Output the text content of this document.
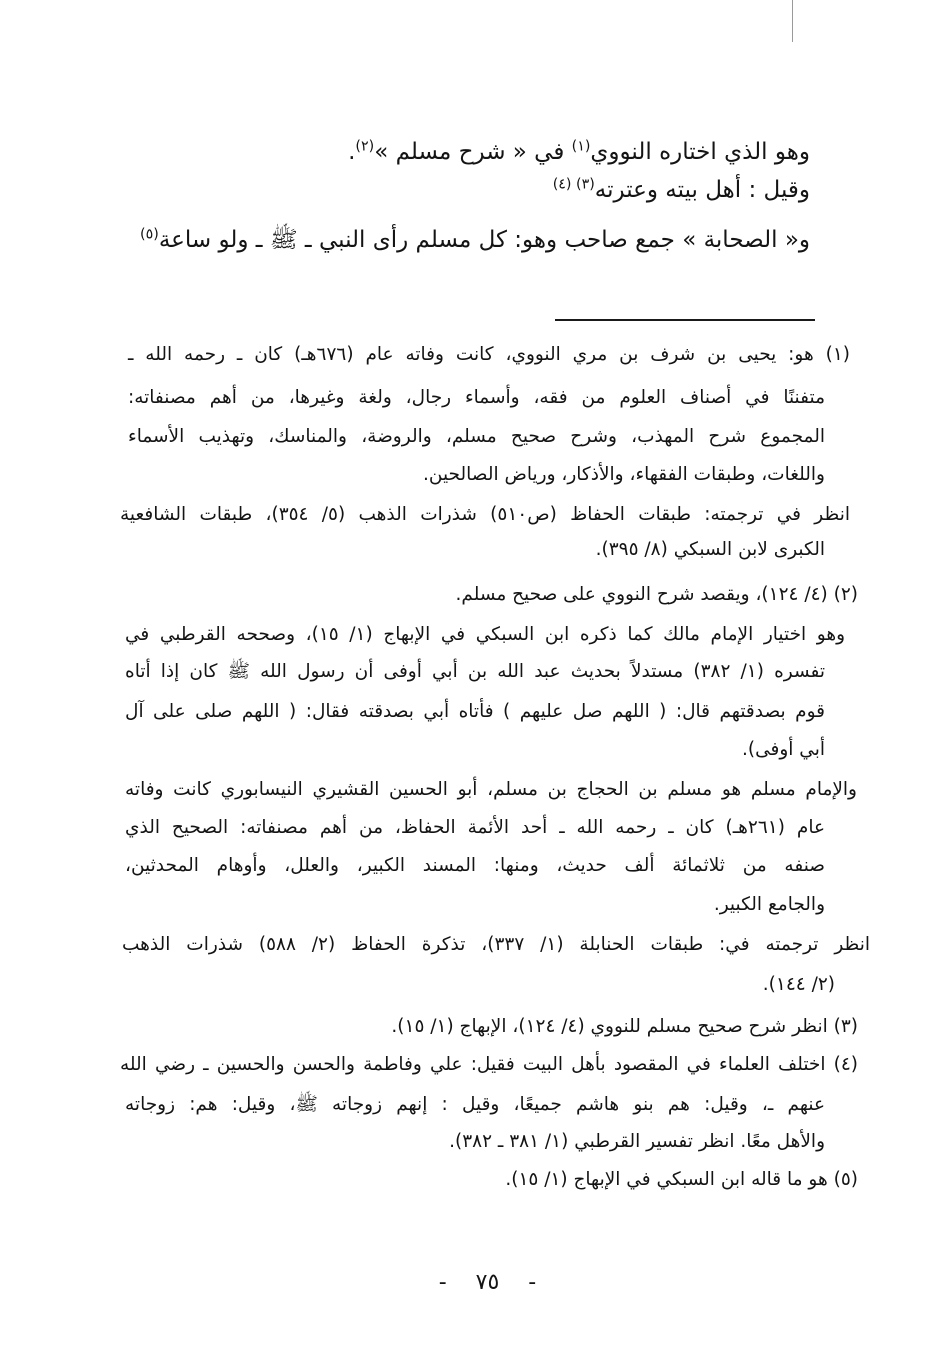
وهو الذي اختاره النووي$^{(١)}$ في « شرح مسلم »$^{(٢)}$.
وقيل : أهل بيته وعترته$^{(٣) (٤)}$
و« الصحابة » جمع صاحب وهو: كل مسلم رأى النبي ـ ﷺ ـ ولو ساعة$^{(٥)}$
(١) هو: يحيى بن شرف بن مري النووي، كانت وفاته عام (٦٧٦هـ) كان ـ رحمه الله ـ
متفننًا في أصناف العلوم من فقه، وأسماء رجال، ولغة وغيرها، من أهم مصنفاته:
المجموع شرح المهذب، وشرح صحيح مسلم، والروضة، والمناسك، وتهذيب الأسماء
واللغات، وطبقات الفقهاء، والأذكار، ورياض الصالحين.
انظر في ترجمته: طبقات الحفاظ (ص٥١٠) شذرات الذهب (٥/ ٣٥٤)، طبقات الشافعية
الكبرى لابن السبكي (٨/ ٣٩٥).
(٢) (٤/ ١٢٤)، ويقصد شرح النووي على صحيح مسلم.
وهو اختيار الإمام مالك كما ذكره ابن السبكي في الإبهاج (١/ ١٥)، وصححه القرطبي في
تفسره (١/ ٣٨٢) مستدلاً بحديث عبد الله بن أبي أوفى أن رسول الله ﷺ كان إذا أتاه
قوم بصدقتهم قال: ( اللهم صل عليهم ) فأتاه أبي بصدقته فقال: ( اللهم صلى على آل
أبي أوفى).
والإمام مسلم هو مسلم بن الحجاج بن مسلم، أبو الحسين القشيري النيسابوري كانت وفاته
عام (٢٦١هـ) كان ـ رحمه الله ـ أحد الأئمة الحفاظ، من أهم مصنفاته: الصحيح الذي
صنفه من ثلاثمائة ألف حديث، ومنها: المسند الكبير، والعلل، وأوهام المحدثين،
والجامع الكبير.
انظر ترجمته في: طبقات الحنابلة (١/ ٣٣٧)، تذكرة الحفاظ (٢/ ٥٨٨) شذرات الذهب
(٢/ ١٤٤).
(٣) انظر شرح صحيح مسلم للنووي (٤/ ١٢٤)، الإبهاج (١/ ١٥).
(٤) اختلف العلماء في المقصود بأهل البيت فقيل: علي وفاطمة والحسن والحسين ـ رضي الله
عنهم ـ، وقيل: هم بنو هاشم جميعًا، وقيل : إنهم زوجاته ﷺ، وقيل: هم: زوجاته
والأهل معًا. انظر تفسير القرطبي (١/ ٣٨١ ـ ٣٨٢).
(٥) هو ما قاله ابن السبكي في الإبهاج (١/ ١٥).
- ٧٥ -
